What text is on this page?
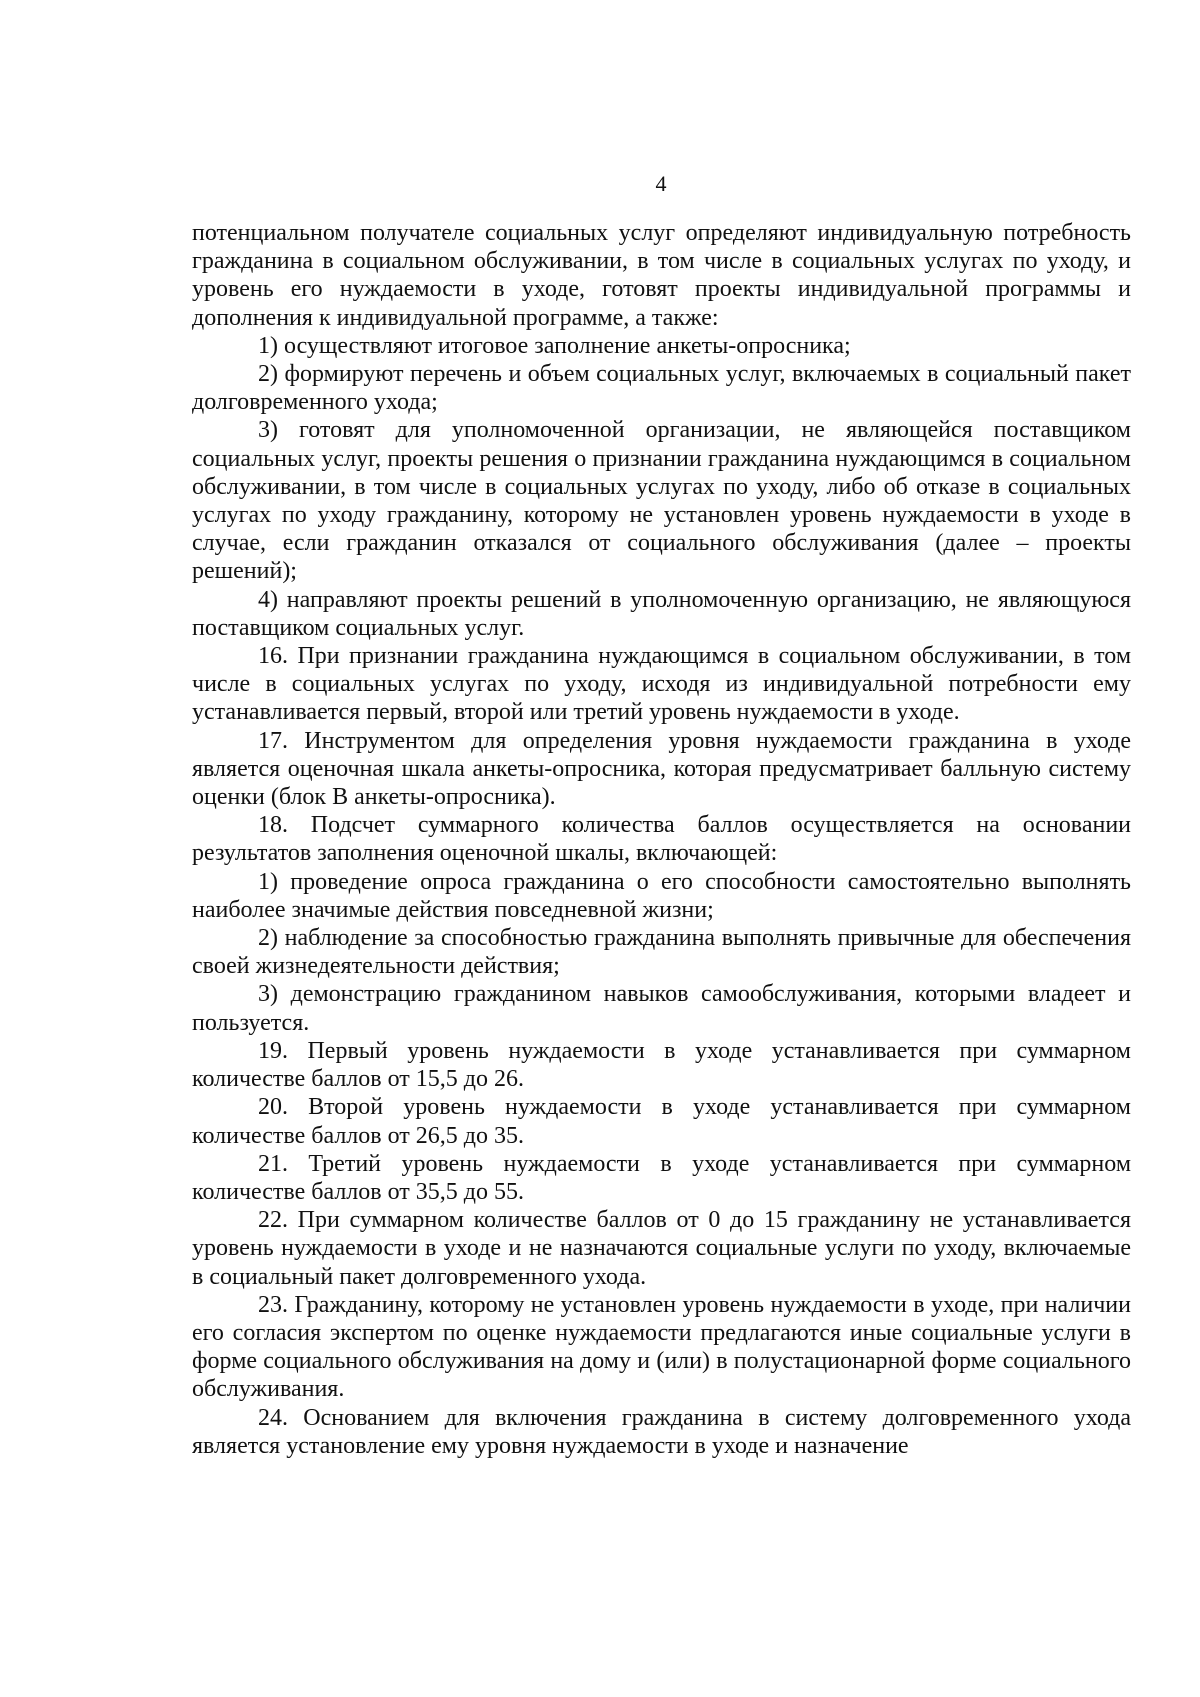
4

потенциальном получателе социальных услуг определяют индивидуальную потребность гражданина в социальном обслуживании, в том числе в социальных услугах по уходу, и уровень его нуждаемости в уходе, готовят проекты индивидуальной программы и дополнения к индивидуальной программе, а также:

1) осуществляют итоговое заполнение анкеты-опросника;

2) формируют перечень и объем социальных услуг, включаемых в социальный пакет долговременного ухода;

3) готовят для уполномоченной организации, не являющейся поставщиком социальных услуг, проекты решения о признании гражданина нуждающимся в социальном обслуживании, в том числе в социальных услугах по уходу, либо об отказе в социальных услугах по уходу гражданину, которому не установлен уровень нуждаемости в уходе в случае, если гражданин отказался от социального обслуживания (далее – проекты решений);

4) направляют проекты решений в уполномоченную организацию, не являющуюся поставщиком социальных услуг.

16. При признании гражданина нуждающимся в социальном обслуживании, в том числе в социальных услугах по уходу, исходя из индивидуальной потребности ему устанавливается первый, второй или третий уровень нуждаемости в уходе.

17. Инструментом для определения уровня нуждаемости гражданина в уходе является оценочная шкала анкеты-опросника, которая предусматривает балльную систему оценки (блок В анкеты-опросника).

18. Подсчет суммарного количества баллов осуществляется на основании результатов заполнения оценочной шкалы, включающей:

1) проведение опроса гражданина о его способности самостоятельно выполнять наиболее значимые действия повседневной жизни;

2) наблюдение за способностью гражданина выполнять привычные для обеспечения своей жизнедеятельности действия;

3) демонстрацию гражданином навыков самообслуживания, которыми владеет и пользуется.

19. Первый уровень нуждаемости в уходе устанавливается при суммарном количестве баллов от 15,5 до 26.

20. Второй уровень нуждаемости в уходе устанавливается при суммарном количестве баллов от 26,5 до 35.

21. Третий уровень нуждаемости в уходе устанавливается при суммарном количестве баллов от 35,5 до 55.

22. При суммарном количестве баллов от 0 до 15 гражданину не устанавливается уровень нуждаемости в уходе и не назначаются социальные услуги по уходу, включаемые в социальный пакет долговременного ухода.

23. Гражданину, которому не установлен уровень нуждаемости в уходе, при наличии его согласия экспертом по оценке нуждаемости предлагаются иные социальные услуги в форме социального обслуживания на дому и (или) в полустационарной форме социального обслуживания.

24. Основанием для включения гражданина в систему долговременного ухода является установление ему уровня нуждаемости в уходе и назначение
